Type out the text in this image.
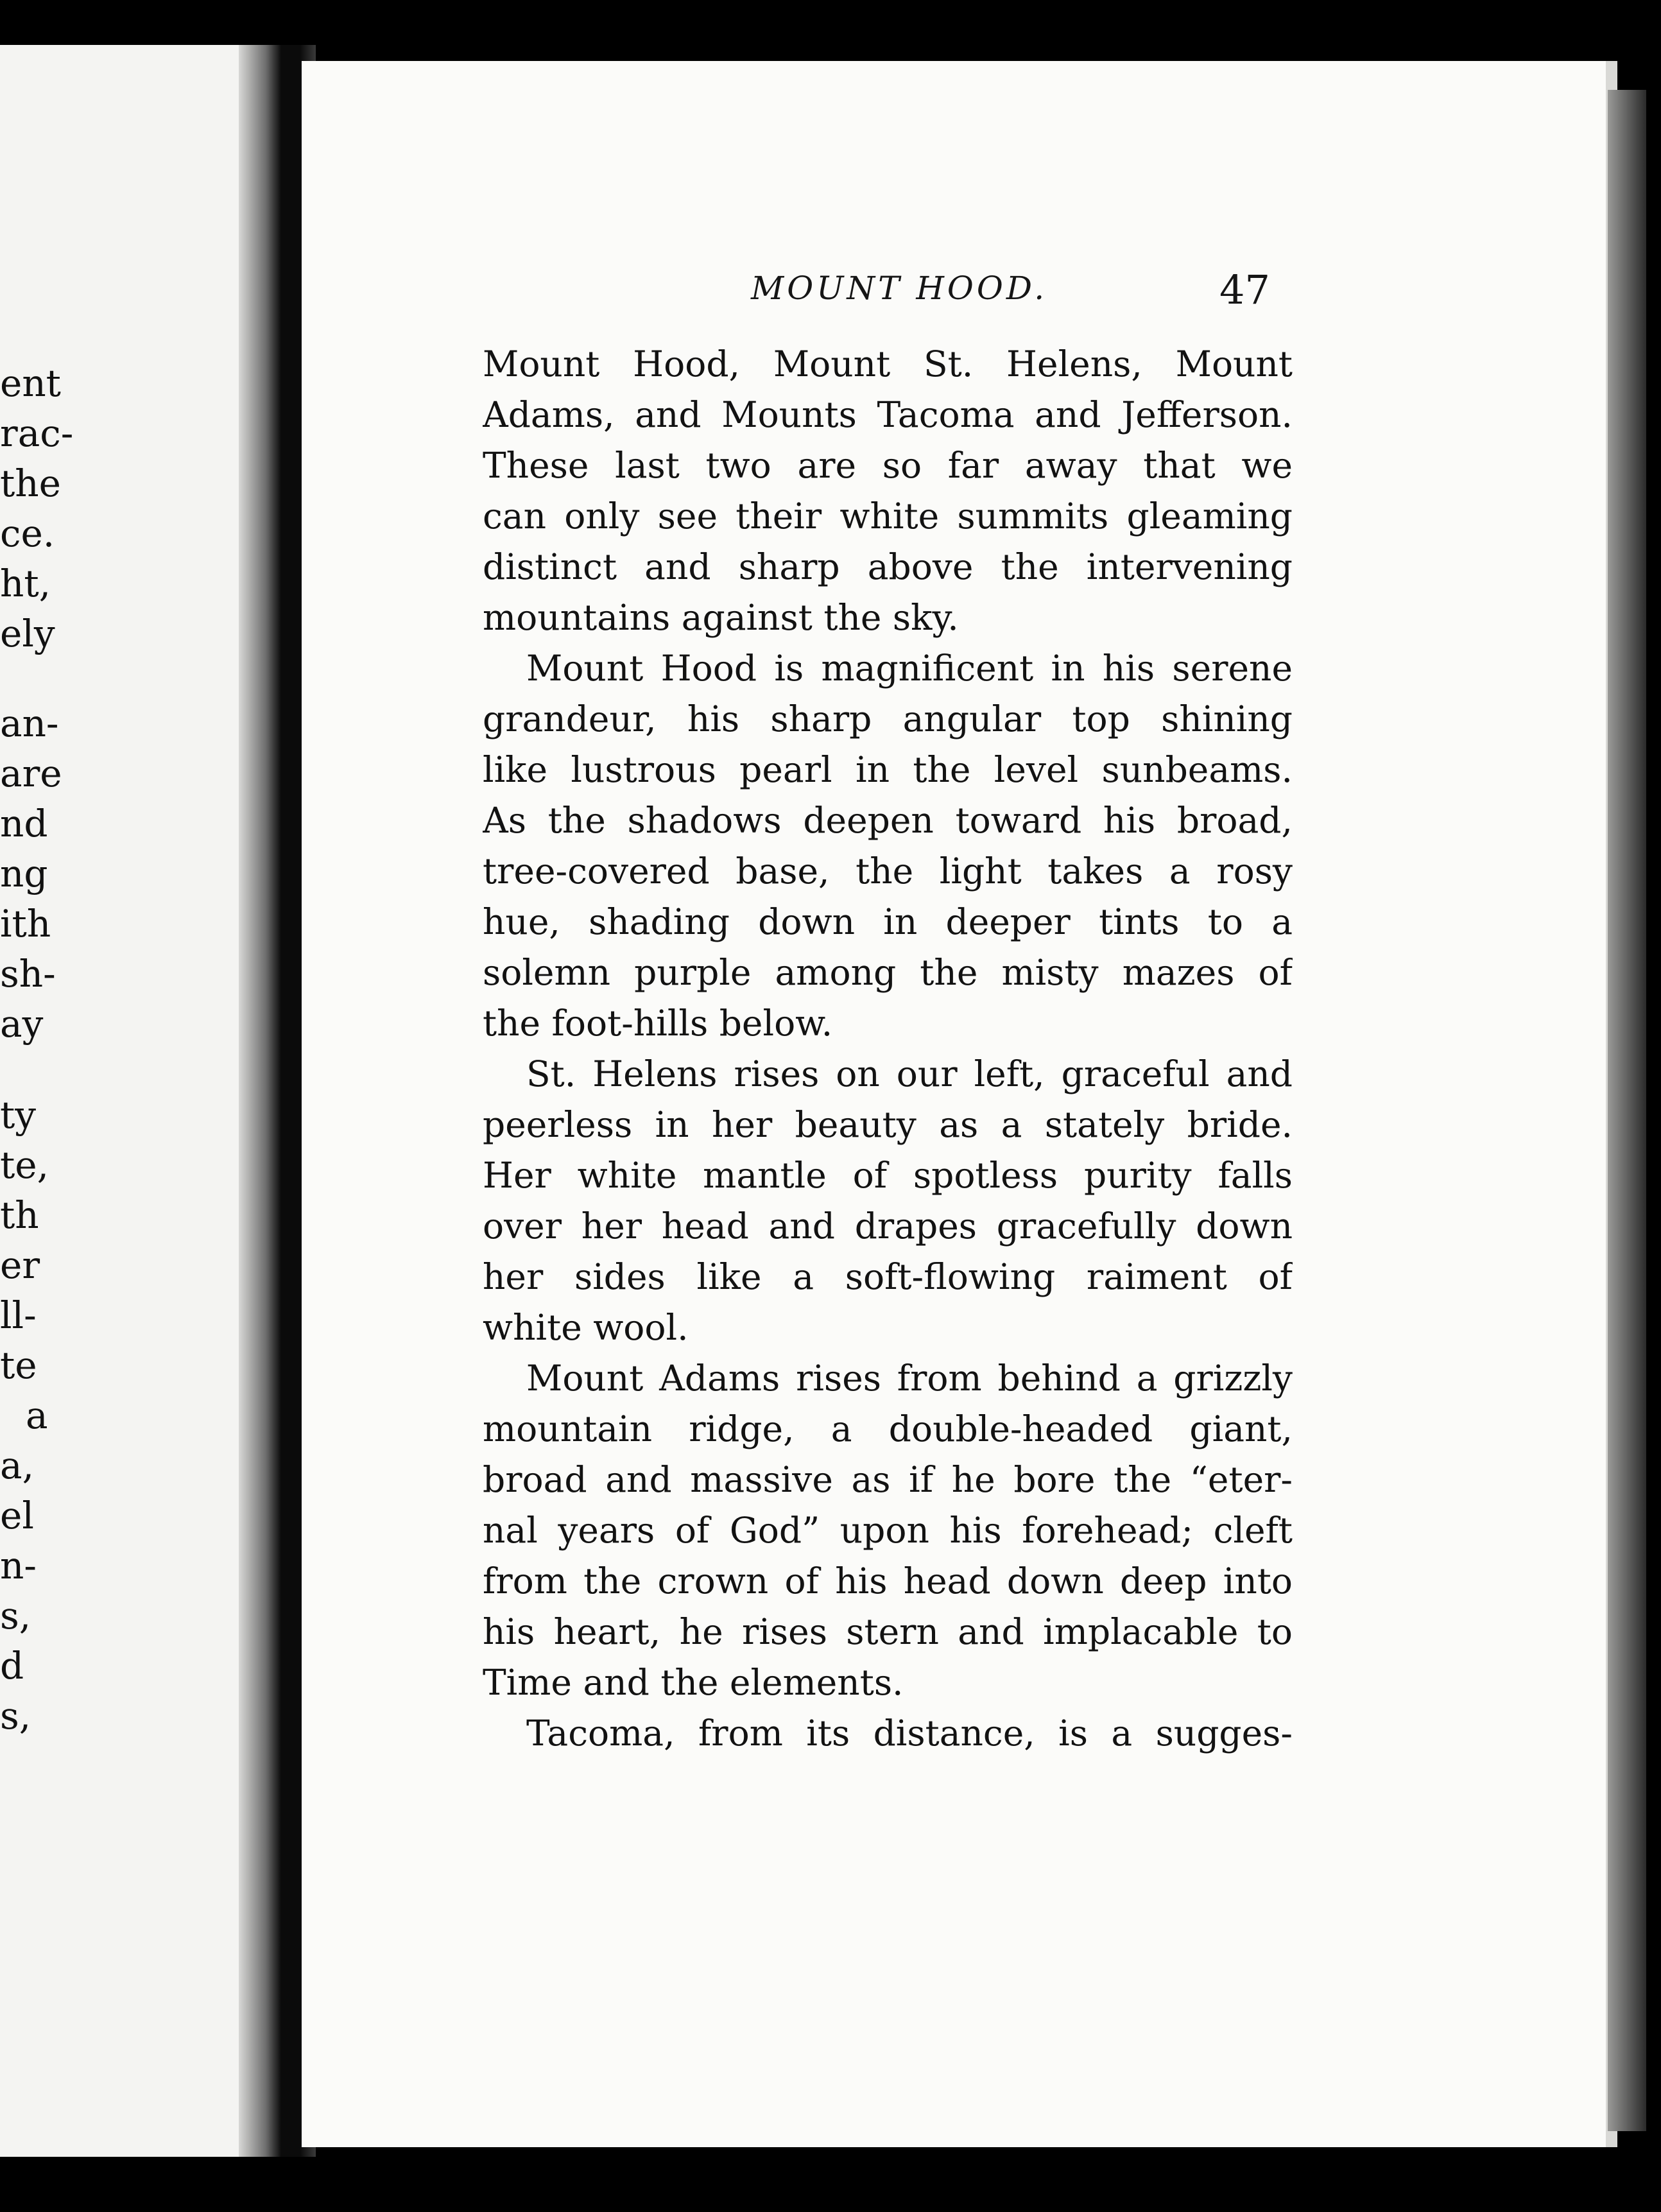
ent
rac-
the
ce.
ht,
ely
an-
are
nd
ng
ith
sh-
ay
ty
te,
th
er
ll-
te
a
a,
el
n-
s,
d
s,
MOUNT HOOD.	47
Mount Hood, Mount St. Helens, Mount
Adams, and Mounts Tacoma and Jefferson.
These last two are so far away that we
can only see their white summits gleaming
distinct and sharp above the intervening
mountains against the sky.
Mount Hood is magnificent in his serene
grandeur, his sharp angular top shining
like lustrous pearl in the level sunbeams.
As the shadows deepen toward his broad,
tree-covered base, the light takes a rosy
hue, shading down in deeper tints to a
solemn purple among the misty mazes of
the foot-hills below.
St. Helens rises on our left, graceful and
peerless in her beauty as a stately bride.
Her white mantle of spotless purity falls
over her head and drapes gracefully down
her sides like a soft-flowing raiment of
white wool.
Mount Adams rises from behind a grizzly
mountain ridge, a double-headed giant,
broad and massive as if he bore the “eter-
nal years of God” upon his forehead; cleft
from the crown of his head down deep into
his heart, he rises stern and implacable to
Time and the elements.
Tacoma, from its distance, is a sugges-
